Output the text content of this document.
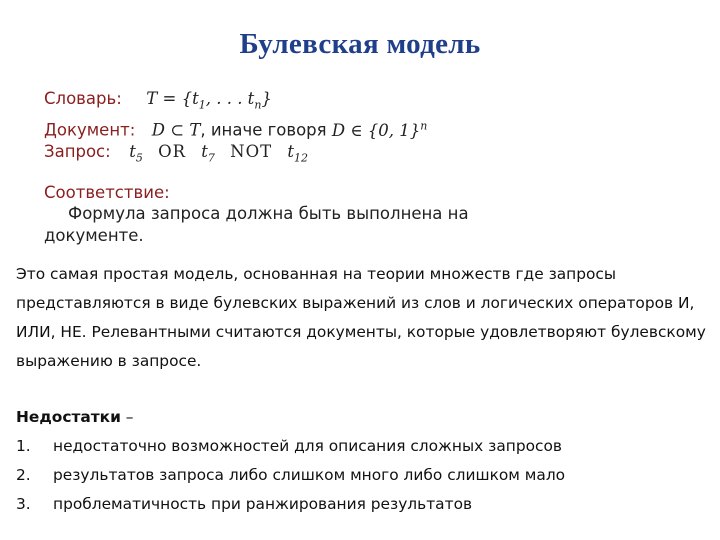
Булевская модель
Словарь: $T = \{t_1$, . . . $t_n$}
Документ: D ⊂ T, иначе говоря D ∈ {0, 1}$^n$
Запрос: $t_5$ OR $t_7$ NOT $t_{12}$
Соответствие:
Формула запроса должна быть выполнена на
документе.
Это самая простая модель, основанная на теории множеств где запросы представляются в виде булевских выражений из слов и логических операторов И, ИЛИ, НЕ. Релевантными считаются документы, которые удовлетворяют булевскому выражению в запросе.
Недостатки –
1.	недостаточно возможностей для описания сложных запросов
2.	результатов запроса либо слишком много либо слишком мало
3.	проблематичность при ранжирования результатов
